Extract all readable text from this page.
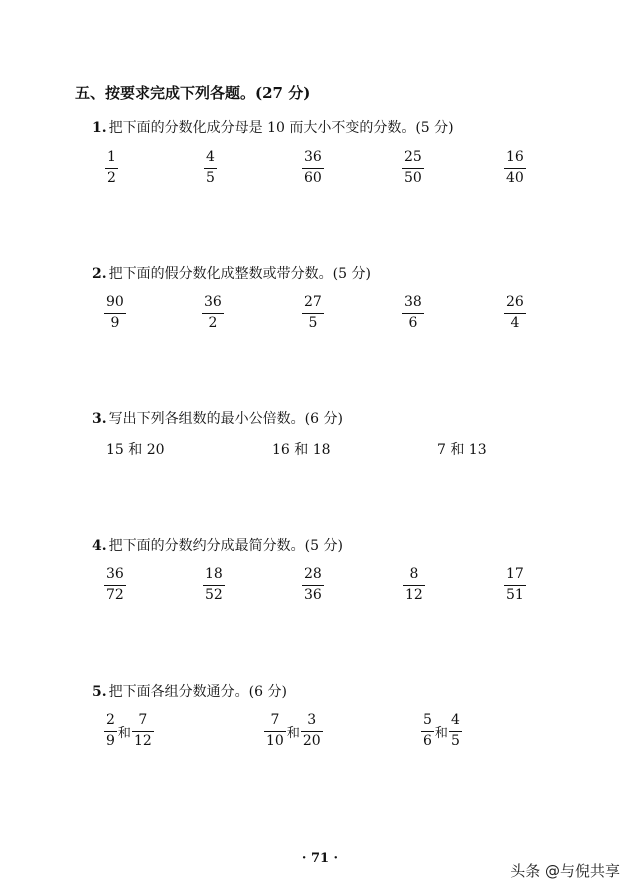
五、按要求完成下列各题。(27 分)
1. 把下面的分数化成分母是 10 而大小不变的分数。(5 分)
1
2
4
5
36
60
25
50
16
40
2. 把下面的假分数化成整数或带分数。(5 分)
90
9
36
2
27
5
38
6
26
4
3. 写出下列各组数的最小公倍数。(6 分)
15 和 20	16 和 18	7 和 13
4. 把下面的分数约分成最简分数。(5 分)
36
72
18
52
28
36
8
12
17
51
5. 把下面各组分数通分。(6 分)
$\frac{2}{9}$ 和 $\frac{7}{12}$	$\frac{7}{10}$ 和 $\frac{3}{20}$	$\frac{5}{6}$ 和 $\frac{4}{5}$
· 71 ·
头条 @与倪共享
